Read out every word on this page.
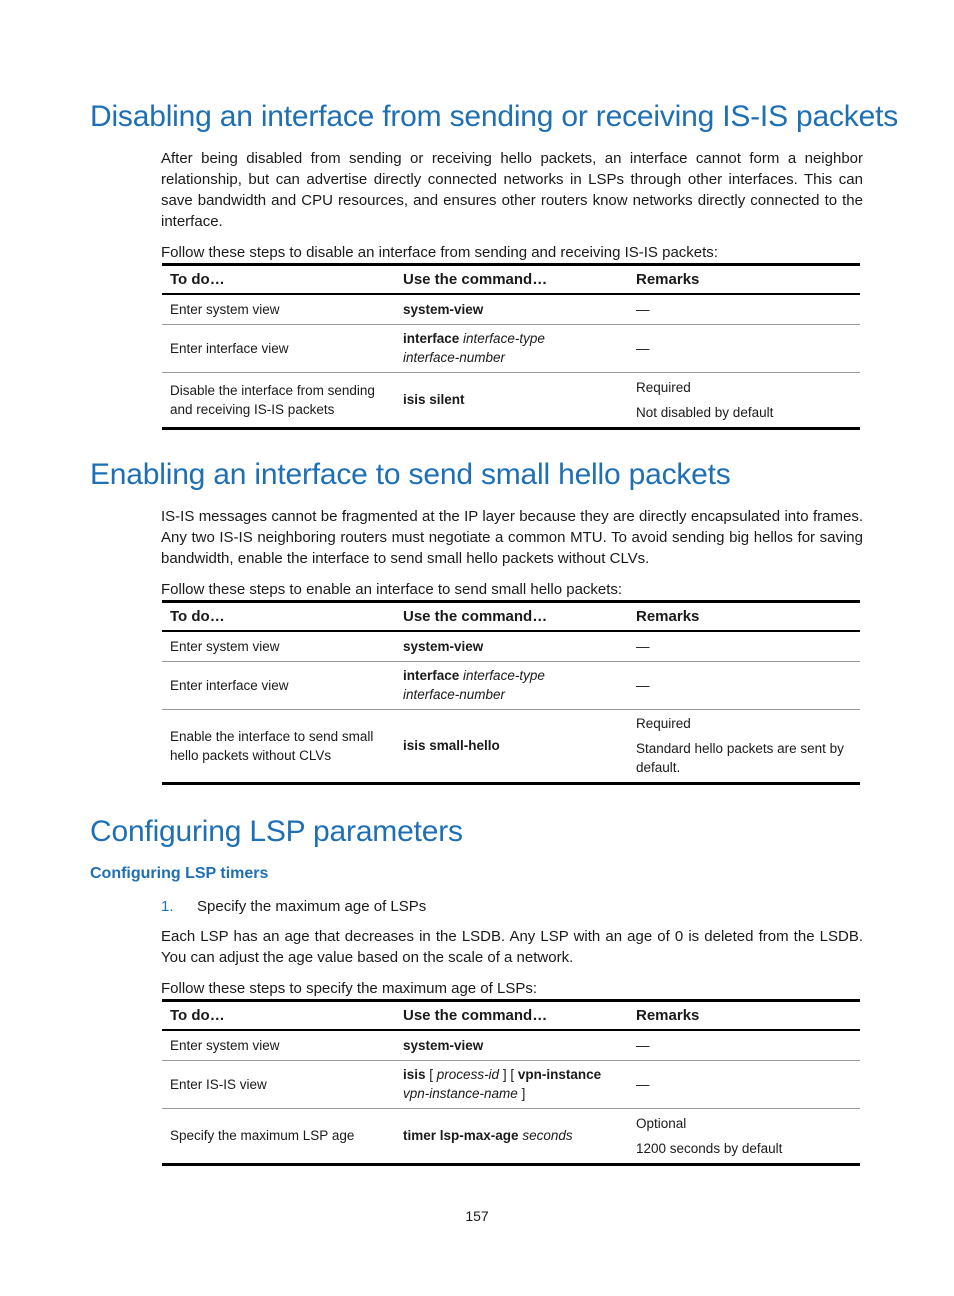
Disabling an interface from sending or receiving IS-IS packets

After being disabled from sending or receiving hello packets, an interface cannot form a neighbor relationship, but can advertise directly connected networks in LSPs through other interfaces. This can save bandwidth and CPU resources, and ensures other routers know networks directly connected to the interface.

Follow these steps to disable an interface from sending and receiving IS-IS packets:

To do…	Use the command…	Remarks
Enter system view	system-view	—
Enter interface view	interface interface-type
interface-number	—
Disable the interface from sending and receiving IS-IS packets	isis silent	Required
Not disabled by default
Enabling an interface to send small hello packets

IS-IS messages cannot be fragmented at the IP layer because they are directly encapsulated into frames. Any two IS-IS neighboring routers must negotiate a common MTU. To avoid sending big hellos for saving bandwidth, enable the interface to send small hello packets without CLVs.

Follow these steps to enable an interface to send small hello packets:

To do…	Use the command…	Remarks
Enter system view	system-view	—
Enter interface view	interface interface-type
interface-number	—
Enable the interface to send small hello packets without CLVs	isis small-hello	Required
Standard hello packets are sent by default.
Configuring LSP parameters
Configuring LSP timers

1. Specify the maximum age of LSPs

Each LSP has an age that decreases in the LSDB. Any LSP with an age of 0 is deleted from the LSDB. You can adjust the age value based on the scale of a network.

Follow these steps to specify the maximum age of LSPs:

To do…	Use the command…	Remarks
Enter system view	system-view	—
Enter IS-IS view	isis [ process-id ] [ vpn-instance
vpn-instance-name ]	—
Specify the maximum LSP age	timer lsp-max-age seconds	Optional
1200 seconds by default
157
